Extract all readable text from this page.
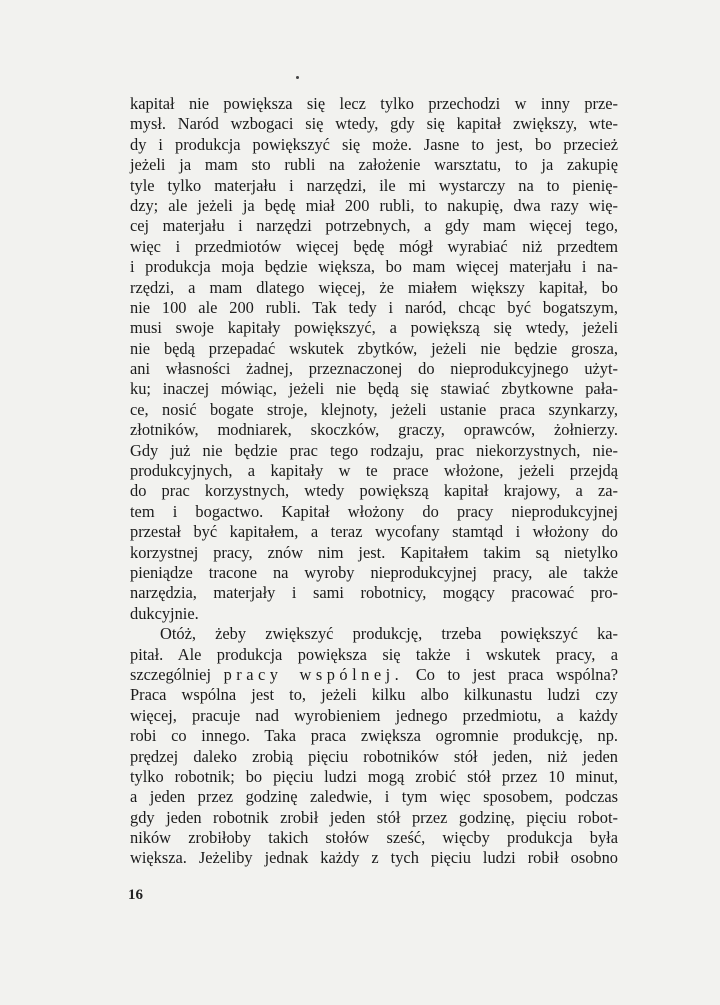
kapitał nie powiększa się lecz tylko przechodzi w inny prze-
mysł. Naród wzbogaci się wtedy, gdy się kapitał zwiększy, wte-
dy i produkcja powiększyć się może. Jasne to jest, bo przecież
jeżeli ja mam sto rubli na założenie warsztatu, to ja zakupię
tyle tylko materjału i narzędzi, ile mi wystarczy na to pienię-
dzy; ale jeżeli ja będę miał 200 rubli, to nakupię, dwa razy wię-
cej materjału i narzędzi potrzebnych, a gdy mam więcej tego,
więc i przedmiotów więcej będę mógł wyrabiać niż przedtem
i produkcja moja będzie większa, bo mam więcej materjału i na-
rzędzi, a mam dlatego więcej, że miałem większy kapitał, bo
nie 100 ale 200 rubli. Tak tedy i naród, chcąc być bogatszym,
musi swoje kapitały powiększyć, a powiększą się wtedy, jeżeli
nie będą przepadać wskutek zbytków, jeżeli nie będzie grosza,
ani własności żadnej, przeznaczonej do nieprodukcyjnego użyt-
ku; inaczej mówiąc, jeżeli nie będą się stawiać zbytkowne pała-
ce, nosić bogate stroje, klejnoty, jeżeli ustanie praca szynkarzy,
złotników, modniarek, skoczków, graczy, oprawców, żołnierzy.
Gdy już nie będzie prac tego rodzaju, prac niekorzystnych, nie-
produkcyjnych, a kapitały w te prace włożone, jeżeli przejdą
do prac korzystnych, wtedy powiększą kapitał krajowy, a za-
tem i bogactwo. Kapitał włożony do pracy nieprodukcyjnej
przestał być kapitałem, a teraz wycofany stamtąd i włożony do
korzystnej pracy, znów nim jest. Kapitałem takim są nietylko
pieniądze tracone na wyroby nieprodukcyjnej pracy, ale także
narzędzia, materjały i sami robotnicy, mogący pracować pro-
dukcyjnie.
Otóż, żeby zwiększyć produkcję, trzeba powiększyć ka-
pitał. Ale produkcja powiększa się także i wskutek pracy, a
szczególniej pracy wspólnej. Co to jest praca wspólna?
Praca wspólna jest to, jeżeli kilku albo kilkunastu ludzi czy
więcej, pracuje nad wyrobieniem jednego przedmiotu, a każdy
robi co innego. Taka praca zwiększa ogromnie produkcję, np.
prędzej daleko zrobią pięciu robotników stół jeden, niż jeden
tylko robotnik; bo pięciu ludzi mogą zrobić stół przez 10 minut,
a jeden przez godzinę zaledwie, i tym więc sposobem, podczas
gdy jeden robotnik zrobił jeden stół przez godzinę, pięciu robot-
ników zrobiłoby takich stołów sześć, więcby produkcja była
większa. Jeżeliby jednak każdy z tych pięciu ludzi robił osobno
16
